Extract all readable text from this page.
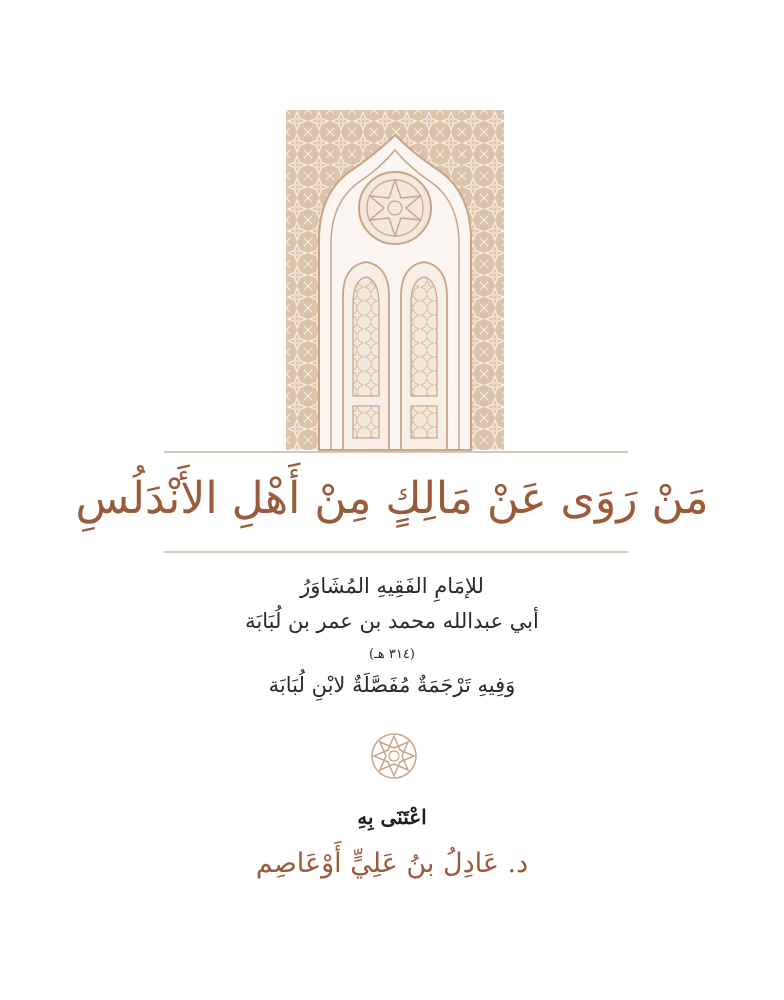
مَنْ رَوَى عَنْ مَالِكٍ مِنْ أَهْلِ الأَنْدَلُسِ
للإمَامِ الفَقِيهِ المُشَاوَرُ
أبي عبدالله محمد بن عمر بن لُبَابَة
(٣١٤ هـ)
وَفِيهِ تَرْجَمَةٌ مُفَصَّلَةٌ لابْنِ لُبَابَة
اعْتَنَى بِهِ
د. عَادِلُ بنُ عَلِيٍّ أَوْعَاصِم
